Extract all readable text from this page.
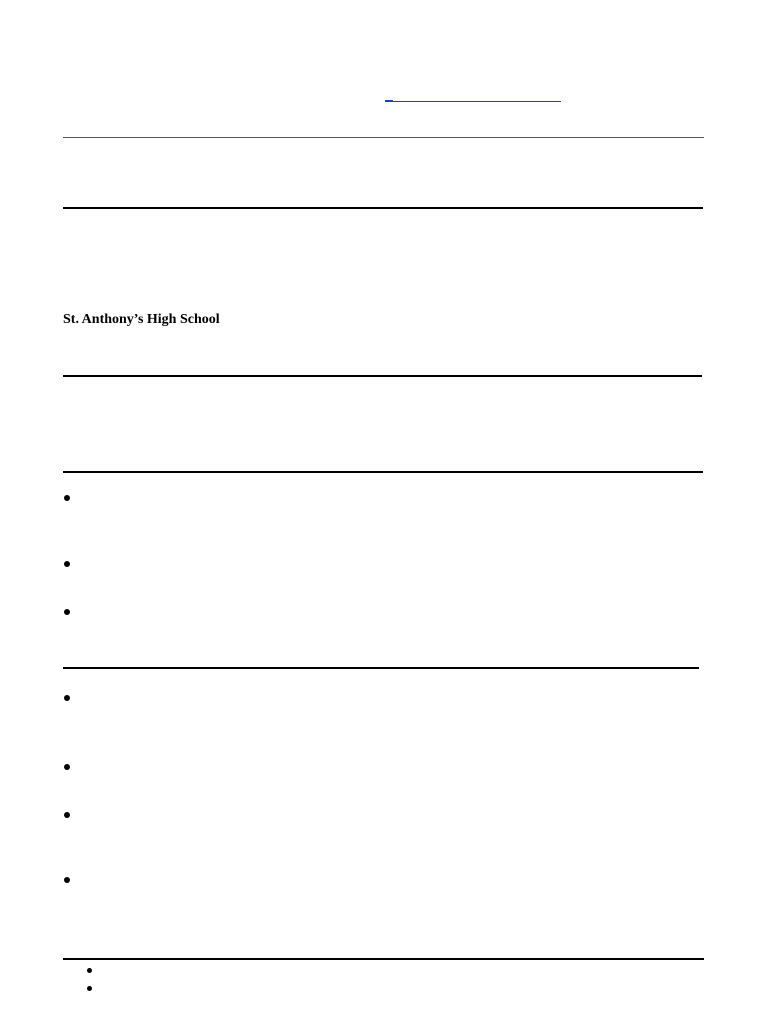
St. Anthony’s High School
